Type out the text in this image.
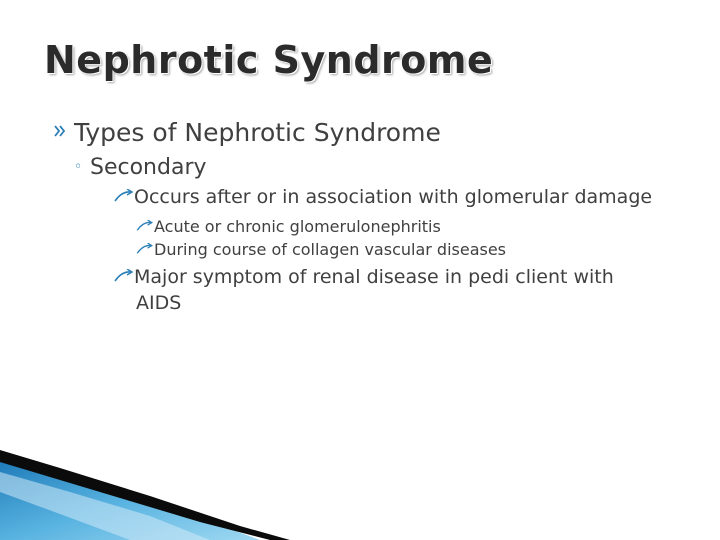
Nephrotic Syndrome
Types of Nephrotic Syndrome
◦ Secondary
Occurs after or in association with glomerular damage
Acute or chronic glomerulonephritis
During course of collagen vascular diseases
Major symptom of renal disease in pedi client with
AIDS
